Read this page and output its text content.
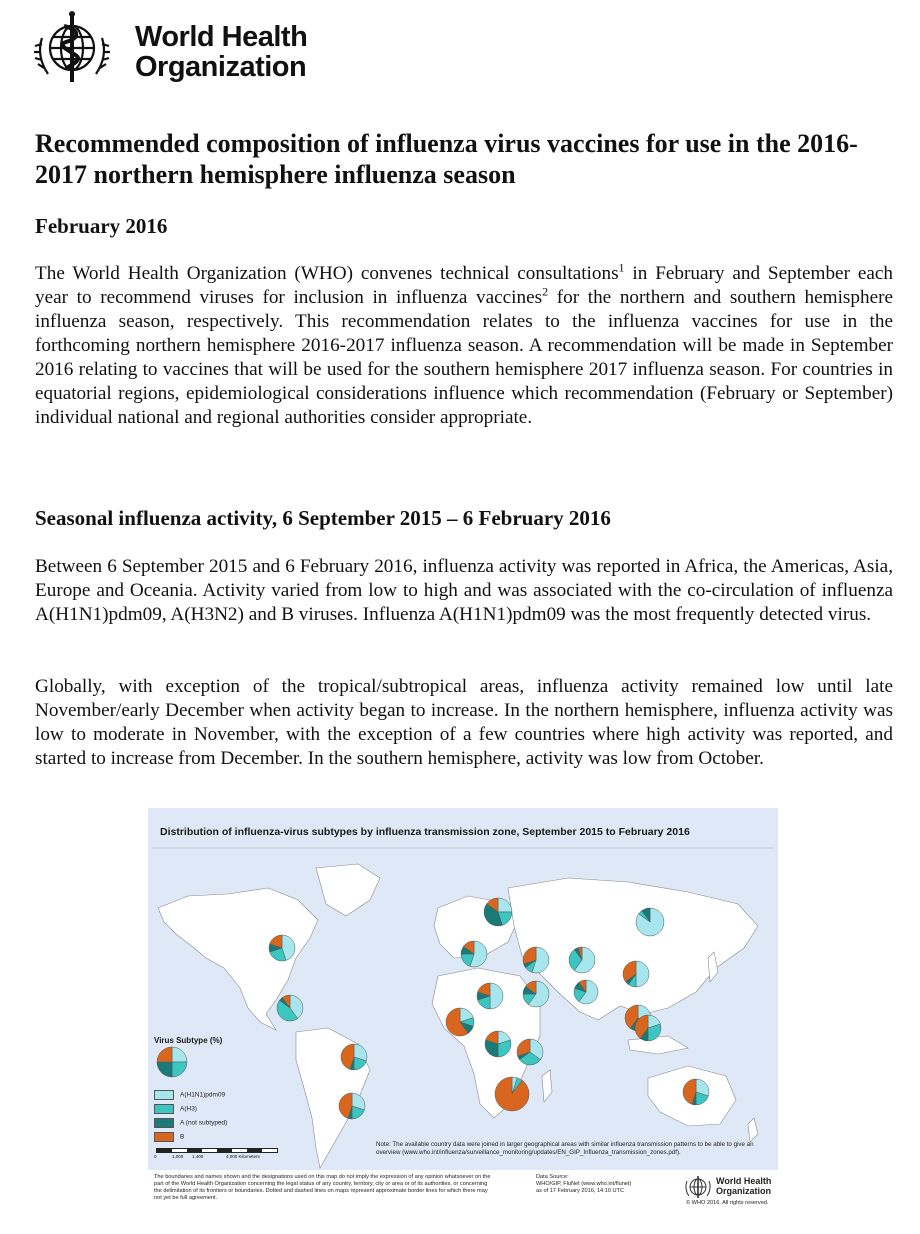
World Health
Organization
Recommended composition of influenza virus vaccines for use in the 2016-2017 northern hemisphere influenza season

February 2016

The World Health Organization (WHO) convenes technical consultations$^1$ in February and September each year to recommend viruses for inclusion in influenza vaccines$^2$ for the northern and southern hemisphere influenza season, respectively. This recommendation relates to the influenza vaccines for use in the forthcoming northern hemisphere 2016-2017 influenza season. A recommendation will be made in September 2016 relating to vaccines that will be used for the southern hemisphere 2017 influenza season. For countries in equatorial regions, epidemiological considerations influence which recommendation (February or September) individual national and regional authorities consider appropriate.

Seasonal influenza activity, 6 September 2015 – 6 February 2016

Between 6 September 2015 and 6 February 2016, influenza activity was reported in Africa, the Americas, Asia, Europe and Oceania. Activity varied from low to high and was associated with the co-circulation of influenza A(H1N1)pdm09, A(H3N2) and B viruses. Influenza A(H1N1)pdm09 was the most frequently detected virus.

Globally, with exception of the tropical/subtropical areas, influenza activity remained low until late November/early December when activity began to increase. In the northern hemisphere, influenza activity was low to moderate in November, with the exception of a few countries where high activity was reported, and started to increase from December. In the southern hemisphere, activity was low from October.

Distribution of influenza-virus subtypes by influenza transmission zone, September 2015 to February 2016
Virus Subtype (%)
A(H1N1)pdm09
A(H3)
A (not subtyped)
B
0	1,000 1,400	4,000 Kilometers
Note: The available country data were joined in larger geographical areas with similar influenza transmission patterns to be able to give an overview (www.who.int/influenza/surveillance_monitoring/updates/EN_GIP_Influenza_transmission_zones.pdf).
The boundaries and names shown and the designations used on this map do not imply the expression of any opinion whatsoever on the part of the World Health Organization concerning the legal status of any country, territory, city or area or of its authorities, or concerning the delimitation of its frontiers or boundaries. Dotted and dashed lines on maps represent approximate border lines for which there may not yet be full agreement.
Data Source:
WHO/GIP, FluNet (www.who.int/flunet)
as of 17 February 2016, 14:10 UTC
World Health
Organization
© WHO 2016. All rights reserved.
